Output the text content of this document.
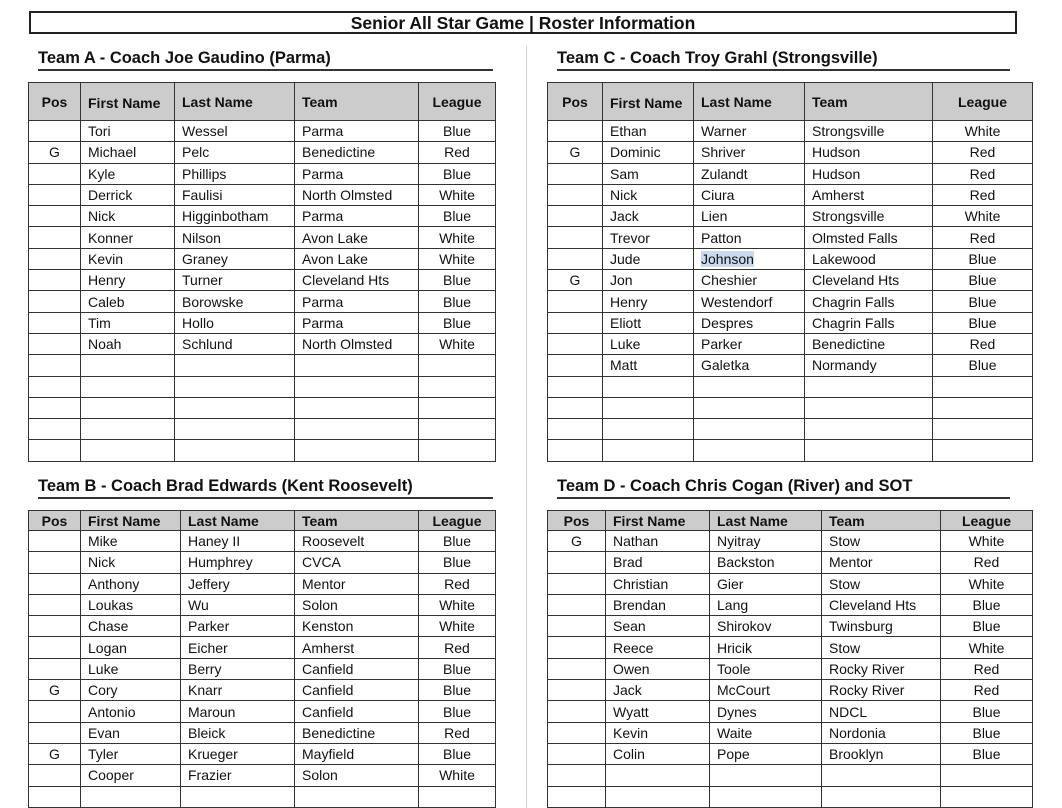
Senior All Star Game | Roster Information
Team A - Coach Joe Gaudino (Parma)
Pos	First Name	Last Name	Team	League
	Tori	Wessel	Parma	Blue
G	Michael	Pelc	Benedictine	Red
	Kyle	Phillips	Parma	Blue
	Derrick	Faulisi	North Olmsted	White
	Nick	Higginbotham	Parma	Blue
	Konner	Nilson	Avon Lake	White
	Kevin	Graney	Avon Lake	White
	Henry	Turner	Cleveland Hts	Blue
	Caleb	Borowske	Parma	Blue
	Tim	Hollo	Parma	Blue
	Noah	Schlund	North Olmsted	White

Team C - Coach Troy Grahl (Strongsville)
Pos	First Name	Last Name	Team	League
	Ethan	Warner	Strongsville	White
G	Dominic	Shriver	Hudson	Red
	Sam	Zulandt	Hudson	Red
	Nick	Ciura	Amherst	Red
	Jack	Lien	Strongsville	White
	Trevor	Patton	Olmsted Falls	Red
	Jude	Johnson	Lakewood	Blue
G	Jon	Cheshier	Cleveland Hts	Blue
	Henry	Westendorf	Chagrin Falls	Blue
	Eliott	Despres	Chagrin Falls	Blue
	Luke	Parker	Benedictine	Red
	Matt	Galetka	Normandy	Blue

Team B - Coach Brad Edwards (Kent Roosevelt)
Pos	First Name	Last Name	Team	League
	Mike	Haney II	Roosevelt	Blue
	Nick	Humphrey	CVCA	Blue
	Anthony	Jeffery	Mentor	Red
	Loukas	Wu	Solon	White
	Chase	Parker	Kenston	White
	Logan	Eicher	Amherst	Red
	Luke	Berry	Canfield	Blue
G	Cory	Knarr	Canfield	Blue
	Antonio	Maroun	Canfield	Blue
	Evan	Bleick	Benedictine	Red
G	Tyler	Krueger	Mayfield	Blue
	Cooper	Frazier	Solon	White

Team D - Coach Chris Cogan (River) and SOT
Pos	First Name	Last Name	Team	League
G	Nathan	Nyitray	Stow	White
	Brad	Backston	Mentor	Red
	Christian	Gier	Stow	White
	Brendan	Lang	Cleveland Hts	Blue
	Sean	Shirokov	Twinsburg	Blue
	Reece	Hricik	Stow	White
	Owen	Toole	Rocky River	Red
	Jack	McCourt	Rocky River	Red
	Wyatt	Dynes	NDCL	Blue
	Kevin	Waite	Nordonia	Blue
	Colin	Pope	Brooklyn	Blue
